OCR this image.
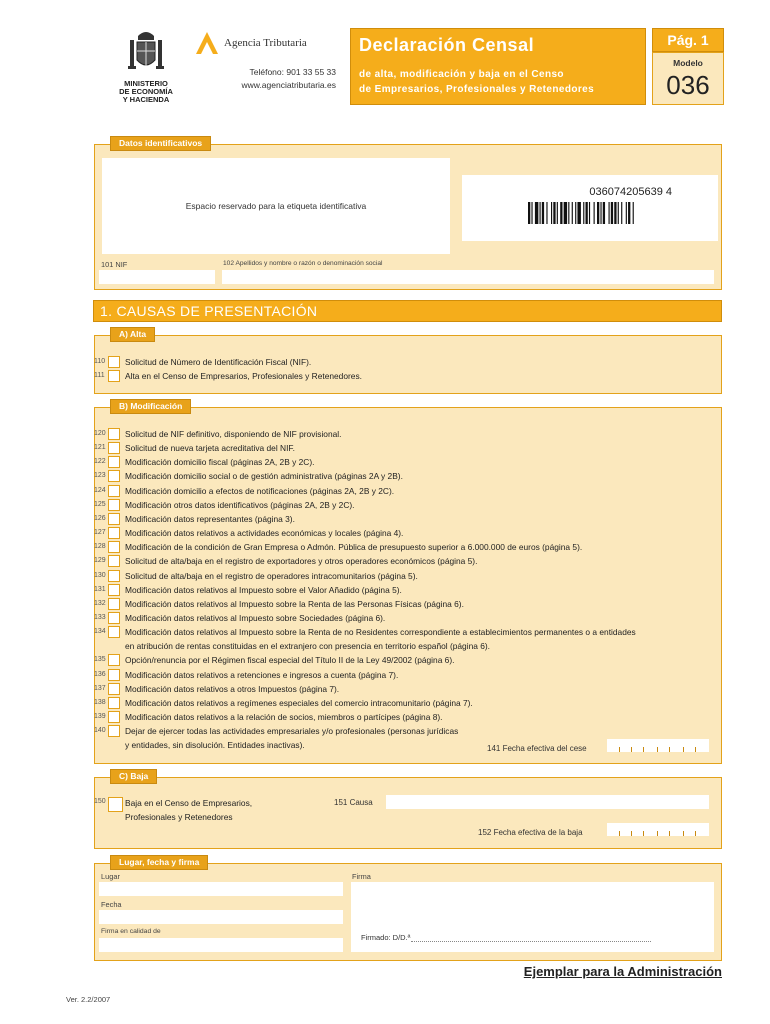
MINISTERIO
DE ECONOMÍA
Y HACIENDA
Agencia Tributaria
Teléfono: 901 33 55 33
www.agenciatributaria.es
Declaración Censal
de alta, modificación y baja en el Censo
de Empresarios, Profesionales y Retenedores
Pág. 1
Modelo
036
Datos identificativos
Espacio reservado para la etiqueta identificativa
036074205639 4
101 NIF	102 Apellidos y nombre o razón o denominación social
1. CAUSAS DE PRESENTACIÓN
A) Alta
110	Solicitud de Número de Identificación Fiscal (NIF).
111	Alta en el Censo de Empresarios, Profesionales y Retenedores.
B) Modificación
120	Solicitud de NIF definitivo, disponiendo de NIF provisional.
121	Solicitud de nueva tarjeta acreditativa del NIF.
122	Modificación domicilio fiscal (páginas 2A, 2B y 2C).
123	Modificación domicilio social o de gestión administrativa (páginas 2A y 2B).
124	Modificación domicilio a efectos de notificaciones (páginas 2A, 2B y 2C).
125	Modificación otros datos identificativos (páginas 2A, 2B y 2C).
126	Modificación datos representantes (página 3).
127	Modificación datos relativos a actividades económicas y locales (página 4).
128	Modificación de la condición de Gran Empresa o Admón. Pública de presupuesto superior a 6.000.000 de euros (página 5).
129	Solicitud de alta/baja en el registro de exportadores y otros operadores económicos (página 5).
130	Solicitud de alta/baja en el registro de operadores intracomunitarios (página 5).
131	Modificación datos relativos al Impuesto sobre el Valor Añadido (página 5).
132	Modificación datos relativos al Impuesto sobre la Renta de las Personas Físicas (página 6).
133	Modificación datos relativos al Impuesto sobre Sociedades (página 6).
134	Modificación datos relativos al Impuesto sobre la Renta de no Residentes correspondiente a establecimientos permanentes o a entidades
en atribución de rentas constituidas en el extranjero con presencia en territorio español (página 6).
135	Opción/renuncia por el Régimen fiscal especial del Título II de la Ley 49/2002 (página 6).
136	Modificación datos relativos a retenciones e ingresos a cuenta (página 7).
137	Modificación datos relativos a otros Impuestos (página 7).
138	Modificación datos relativos a regímenes especiales del comercio intracomunitario (página 7).
139	Modificación datos relativos a la relación de socios, miembros o partícipes (página 8).
140	Dejar de ejercer todas las actividades empresariales y/o profesionales (personas jurídicas
y entidades, sin disolución. Entidades inactivas).	141 Fecha efectiva del cese
C) Baja
150 Baja en el Censo de Empresarios,
Profesionales y Retenedores
151 Causa
152 Fecha efectiva de la baja
Lugar, fecha y firma
Lugar
Fecha
Firma en calidad de
Firma
Firmado: D/D.ª
Ejemplar para la Administración
Ver. 2.2/2007
